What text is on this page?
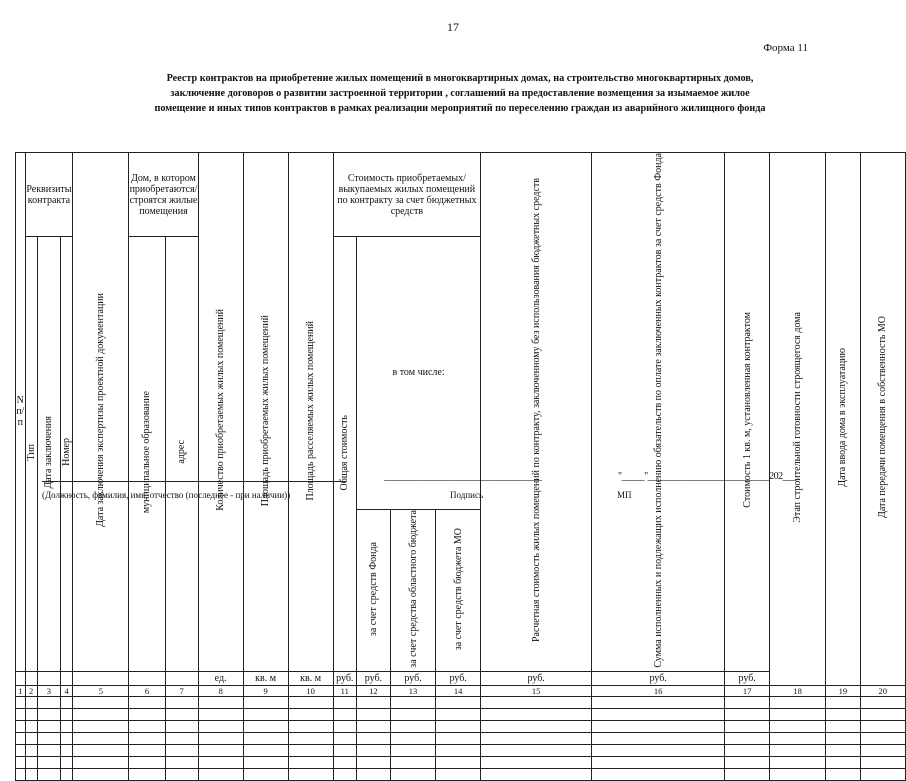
17
Форма 11
Реестр контрактов на приобретение жилых помещений в многоквартирных домах, на строительство многоквартирных домов,
заключение договоров о развитии застроенной территории , соглашений на предоставление возмещения за изымаемое жилое
помещение и иных типов контрактов в рамках реализации мероприятий по переселению граждан из аварийного жилищного фонда
N п/п	Реквизиты контракта			Дата заключения экспертизы проектной документации	Дом, в котором приобретаются/строятся жилые помещения		Количество приобретаемых жилых помещений	Площадь приобретаемых жилых помещений	Площадь расселяемых жилых помещений	Стоимость приобретаемых/выкупаемых жилых помещений по контракту за счет бюджетных средств				Расчетная стоимость жилых помещений по контракту, заключенному без использования бюджетных средств	Сумма исполненных и подлежащих исполнению обязательств по оплате заключенных контрактов за счет средств Фонда	Стоимость 1 кв. м, установленная контрактом	Этап строительной готовности строящегося дома	Дата ввода дома в эксплуатацию	Дата передачи помещения в собственность МО
	Тип	Дата заключения	Номер		муниципальное образование	адрес				Общая стоимость	в том числе:								
											за счет средств Фонда	за счет средства областного бюджета	за счет средств бюджета МО						
							ед.	кв. м	кв. м	руб.	руб.	руб.	руб.	руб.	руб.	руб.			
1	2	3	4	5	6	7	8	9	10	11	12	13	14	15	16	17	18	19	20

___________________________________	"_____"___________________________202___
(Должность, фамилия, имя, отчество (последнее - при наличии))	Подпись	МП
